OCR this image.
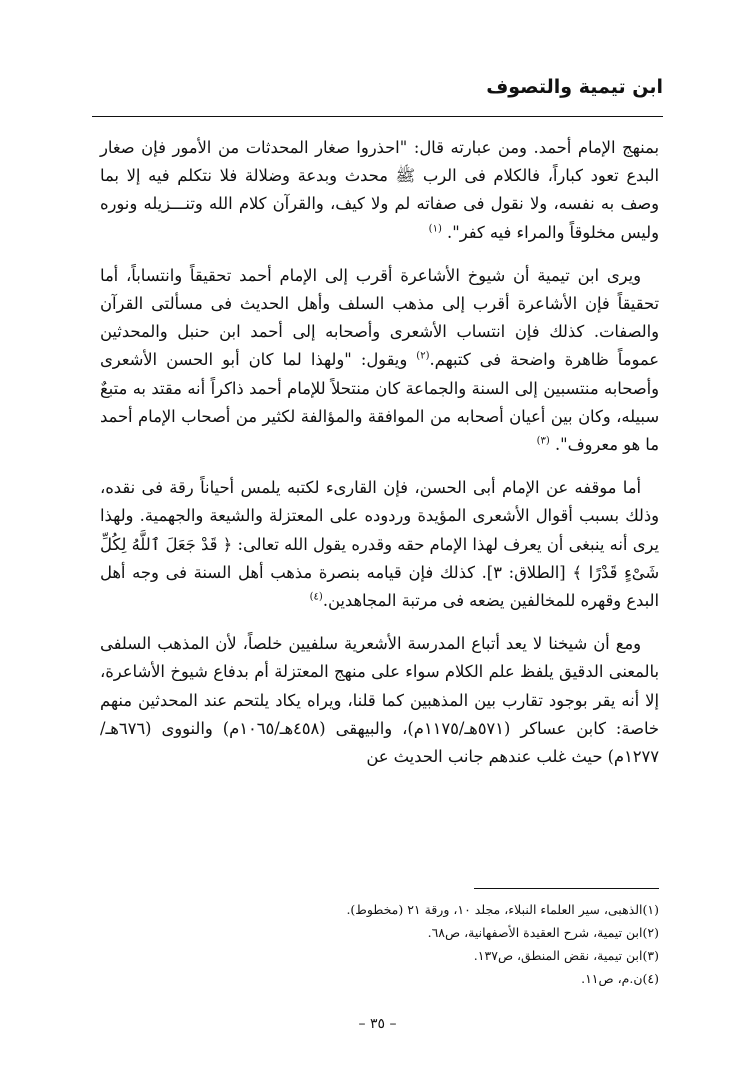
ابن تيمية والتصوف

بمنهج الإمام أحمد. ومن عبارته قال: "احذروا صغار المحدثات من الأمور فإن صغار البدع تعود كباراً، فالكلام فى الرب ﷺ محدث وبدعة وضلالة فلا نتكلم فيه إلا بما وصف به نفسه، ولا نقول فى صفاته لم ولا كيف، والقرآن كلام الله وتنـــزيله ونوره وليس مخلوقاً والمراء فيه كفر". $^{(١)}$

ويرى ابن تيمية أن شيوخ الأشاعرة أقرب إلى الإمام أحمد تحقيقاً وانتساباً، أما تحقيقاً فإن الأشاعرة أقرب إلى مذهب السلف وأهل الحديث فى مسألتى القرآن والصفات. كذلك فإن انتساب الأشعرى وأصحابه إلى أحمد ابن حنبل والمحدثين عموماً ظاهرة واضحة فى كتبهم.$^{(٢)}$ ويقول: "ولهذا لما كان أبو الحسن الأشعرى وأصحابه منتسبين إلى السنة والجماعة كان منتحلاً للإمام أحمد ذاكراً أنه مقتد به متبعٌ سبيله، وكان بين أعيان أصحابه من الموافقة والمؤالفة لكثير من أصحاب الإمام أحمد ما هو معروف". $^{(٣)}$

أما موقفه عن الإمام أبى الحسن، فإن القارىء لكتبه يلمس أحياناً رقة فى نقده، وذلك بسبب أقوال الأشعرى المؤيدة وردوده على المعتزلة والشيعة والجهمية. ولهذا يرى أنه ينبغى أن يعرف لهذا الإمام حقه وقدره يقول الله تعالى: ﴿ قَدْ جَعَلَ ٱللَّهُ لِكُلِّ شَىْءٍ قَدْرًا ﴾ [الطلاق: ٣]. كذلك فإن قيامه بنصرة مذهب أهل السنة فى وجه أهل البدع وقهره للمخالفين يضعه فى مرتبة المجاهدين.$^{(٤)}$

ومع أن شيخنا لا يعد أتباع المدرسة الأشعرية سلفيين خلصاً، لأن المذهب السلفى بالمعنى الدقيق يلفظ علم الكلام سواء على منهج المعتزلة أم بدفاع شيوخ الأشاعرة، إلا أنه يقر بوجود تقارب بين المذهبين كما قلنا، ويراه يكاد يلتحم عند المحدثين منهم خاصة: كابن عساكر (٥٧١هـ/١١٧٥م)، والبيهقى (٤٥٨هـ/١٠٦٥م) والنووى (٦٧٦هـ/١٢٧٧م) حيث غلب عندهم جانب الحديث عن

(١)الذهبى، سير العلماء النبلاء، مجلد ١٠، ورقة ٢١ (مخطوط).
(٢)ابن تيمية، شرح العقيدة الأصفهانية، ص٦٨.
(٣)ابن تيمية، نقض المنطق، ص١٣٧.
(٤)ن.م، ص١١.
– ٣٥ –
